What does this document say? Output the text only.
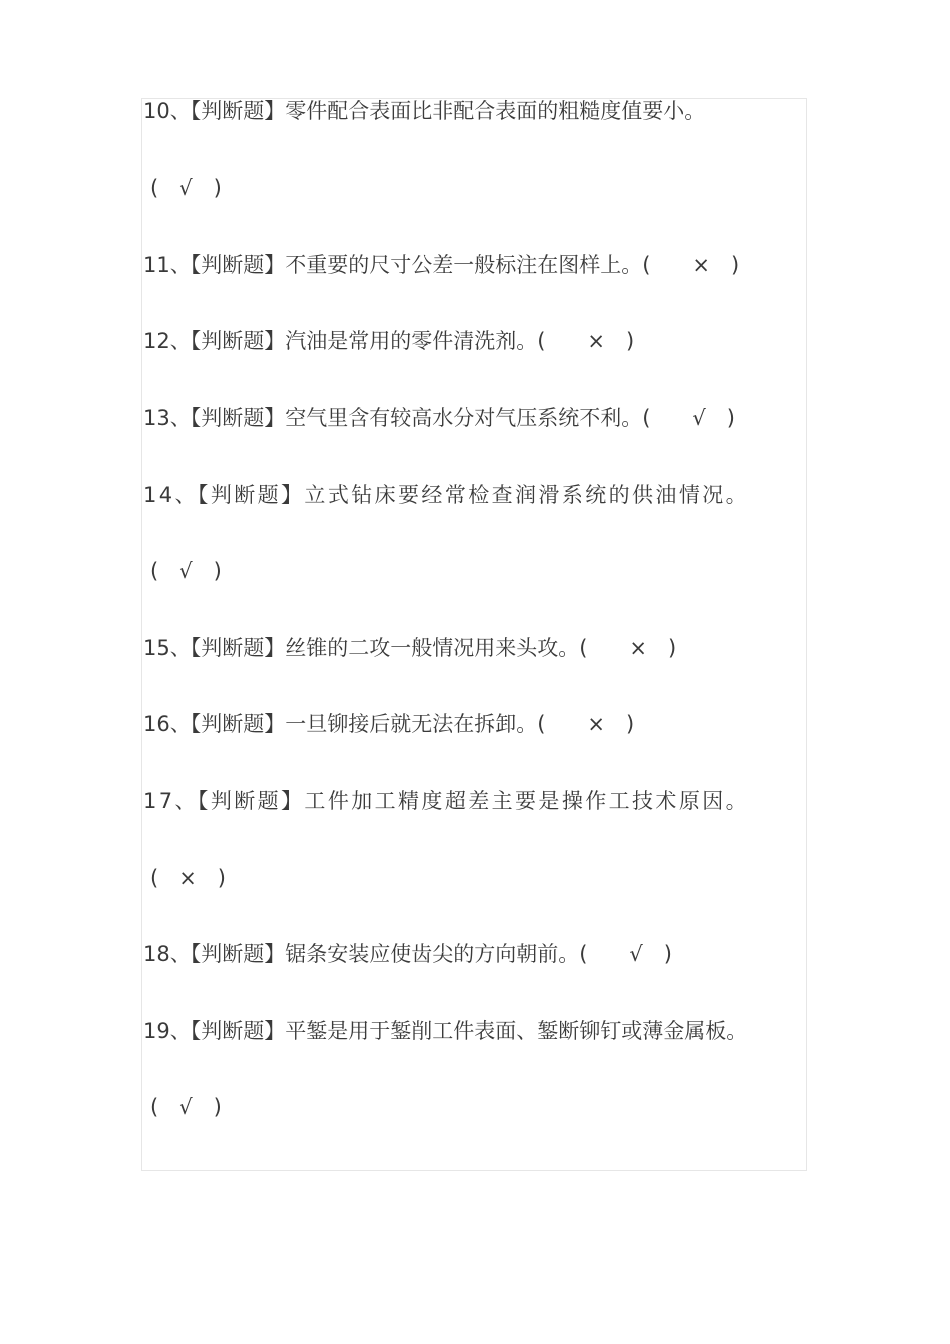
10、【判断题】零件配合表面比非配合表面的粗糙度值要小。
(　√　)
11、【判断题】不重要的尺寸公差一般标注在图样上。(　　×　)
12、【判断题】汽油是常用的零件清洗剂。(　　×　)
13、【判断题】空气里含有较高水分对气压系统不利。(　　√　)
14、【判断题】立式钻床要经常检查润滑系统的供油情况。
(　√　)
15、【判断题】丝锥的二攻一般情况用来头攻。(　　×　)
16、【判断题】一旦铆接后就无法在拆卸。(　　×　)
17、【判断题】工件加工精度超差主要是操作工技术原因。
(　×　)
18、【判断题】锯条安装应使齿尖的方向朝前。(　　√　)
19、【判断题】平錾是用于錾削工件表面、錾断铆钉或薄金属板。
(　√　)
